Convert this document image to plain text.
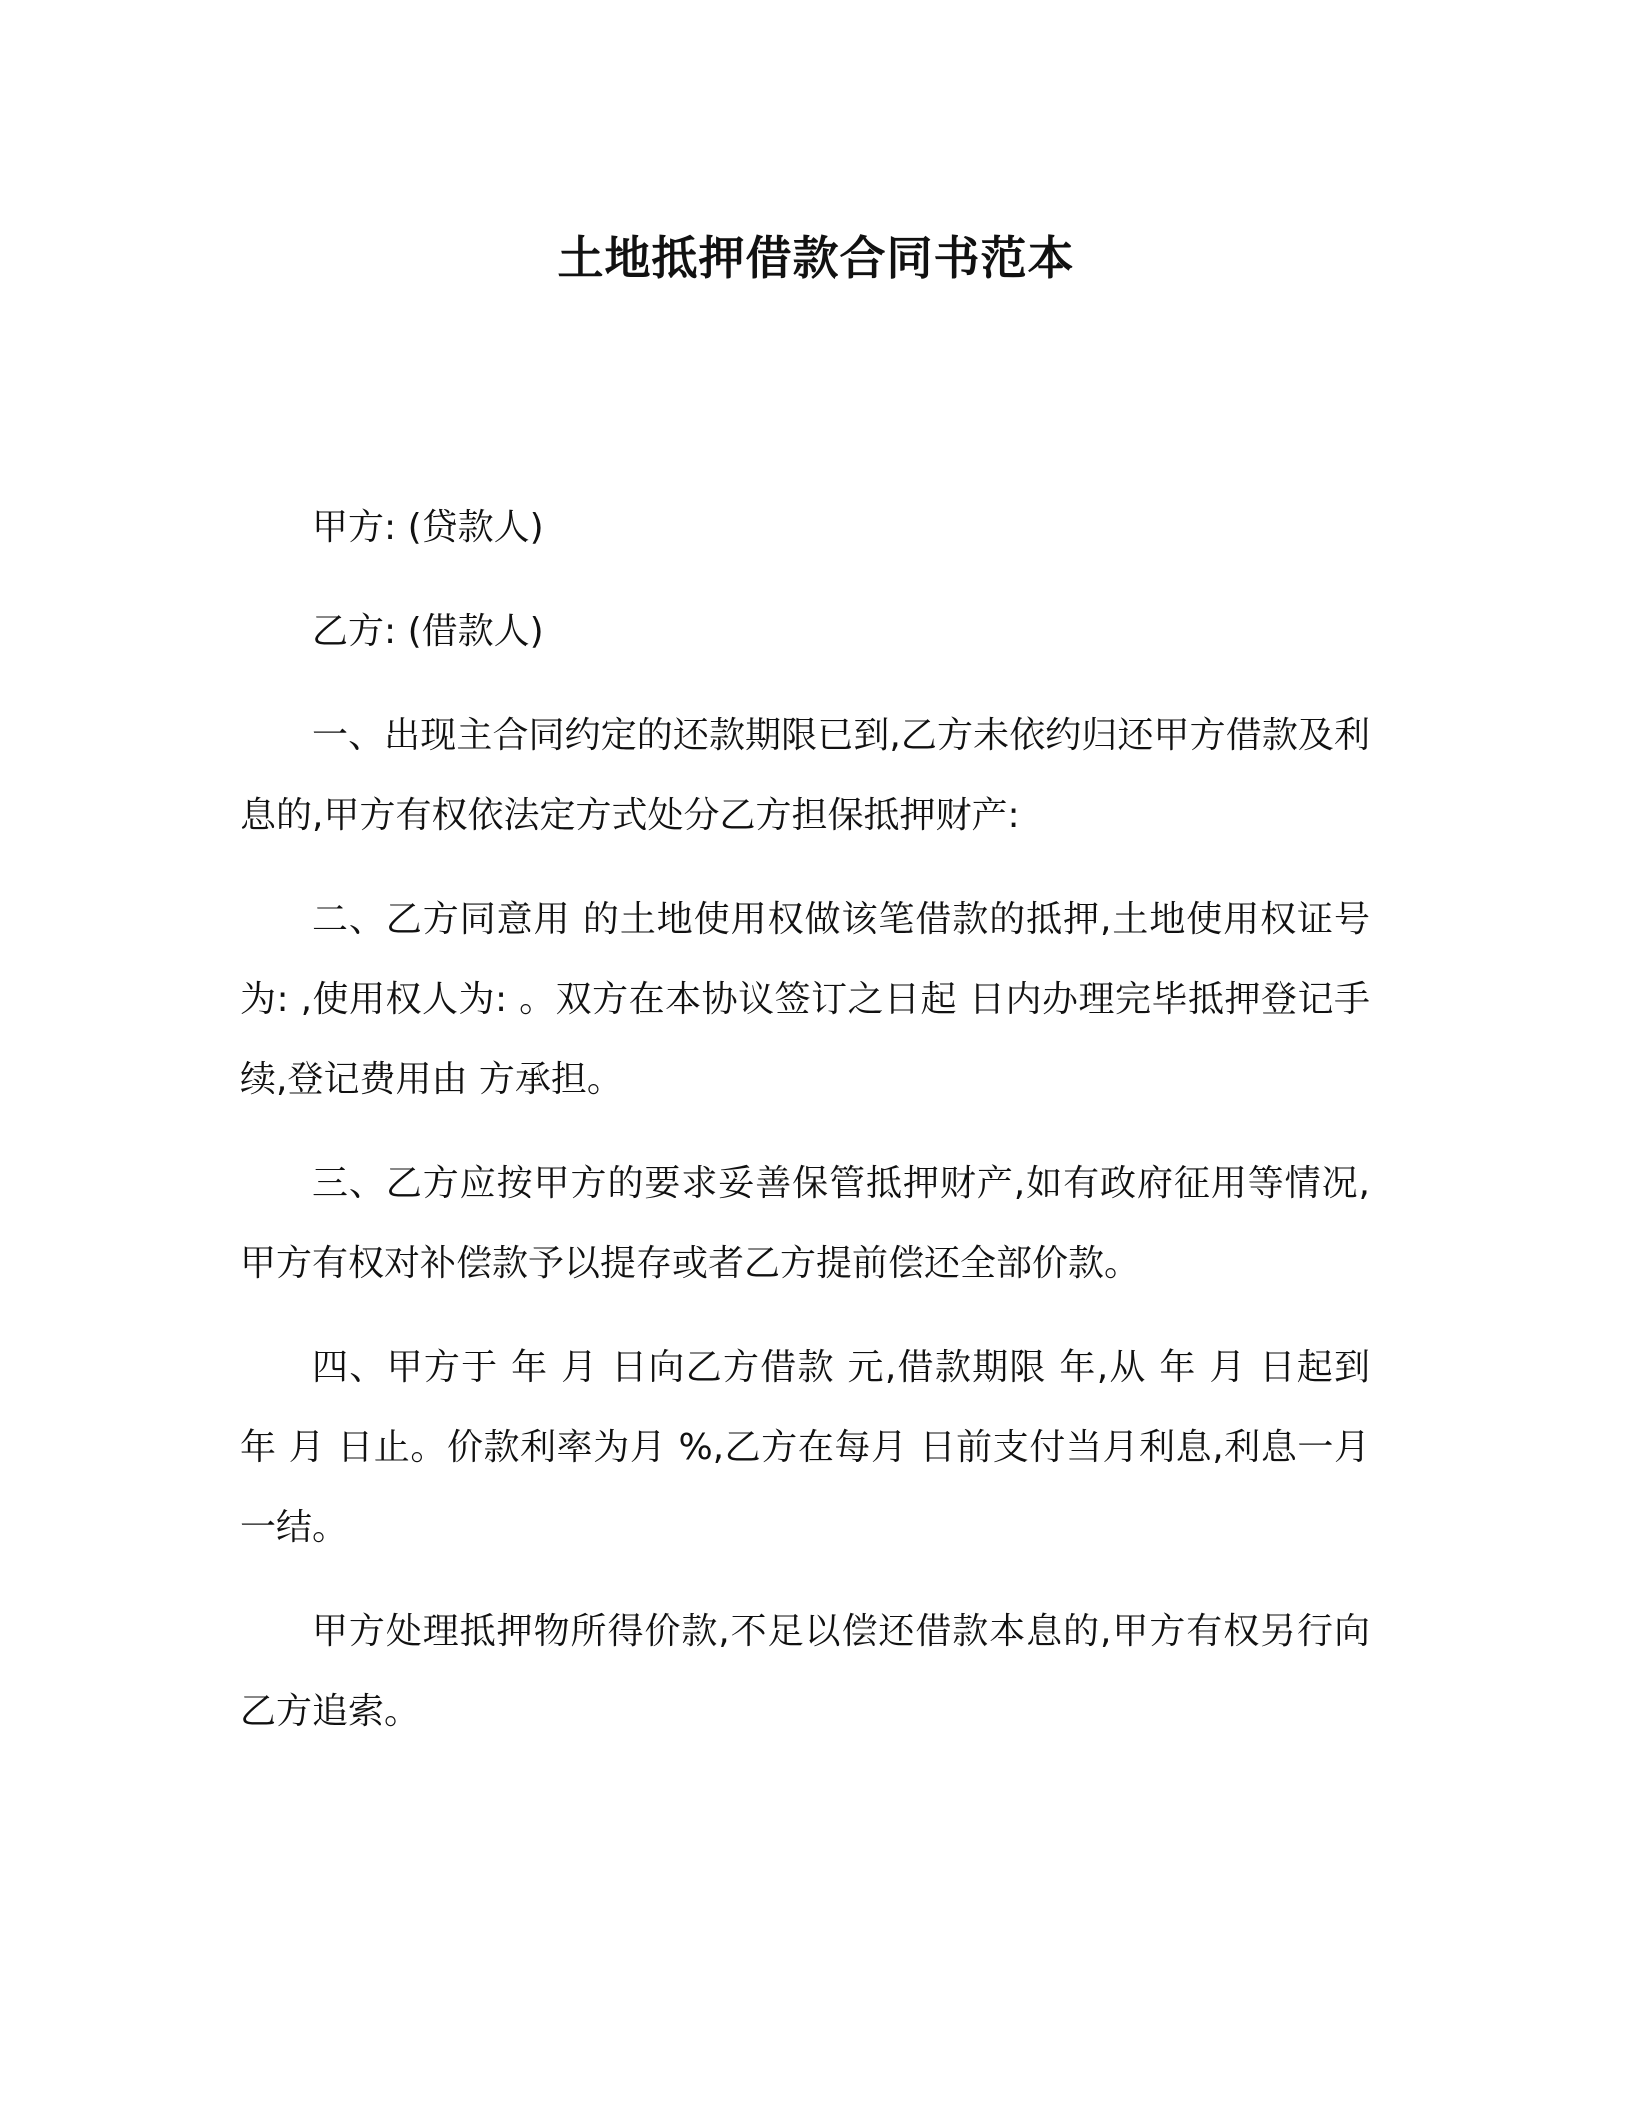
土地抵押借款合同书范本

甲方: (贷款人)

乙方: (借款人)

一、出现主合同约定的还款期限已到,乙方未依约归还甲方借款及利息的,甲方有权依法定方式处分乙方担保抵押财产:

二、乙方同意用 的土地使用权做该笔借款的抵押,土地使用权证号为: ,使用权人为: 。双方在本协议签订之日起 日内办理完毕抵押登记手续,登记费用由 方承担。

三、乙方应按甲方的要求妥善保管抵押财产,如有政府征用等情况,甲方有权对补偿款予以提存或者乙方提前偿还全部价款。

四、甲方于 年 月 日向乙方借款 元,借款期限 年,从 年 月 日起到 年 月 日止。价款利率为月 %,乙方在每月 日前支付当月利息,利息一月一结。

甲方处理抵押物所得价款,不足以偿还借款本息的,甲方有权另行向乙方追索。
